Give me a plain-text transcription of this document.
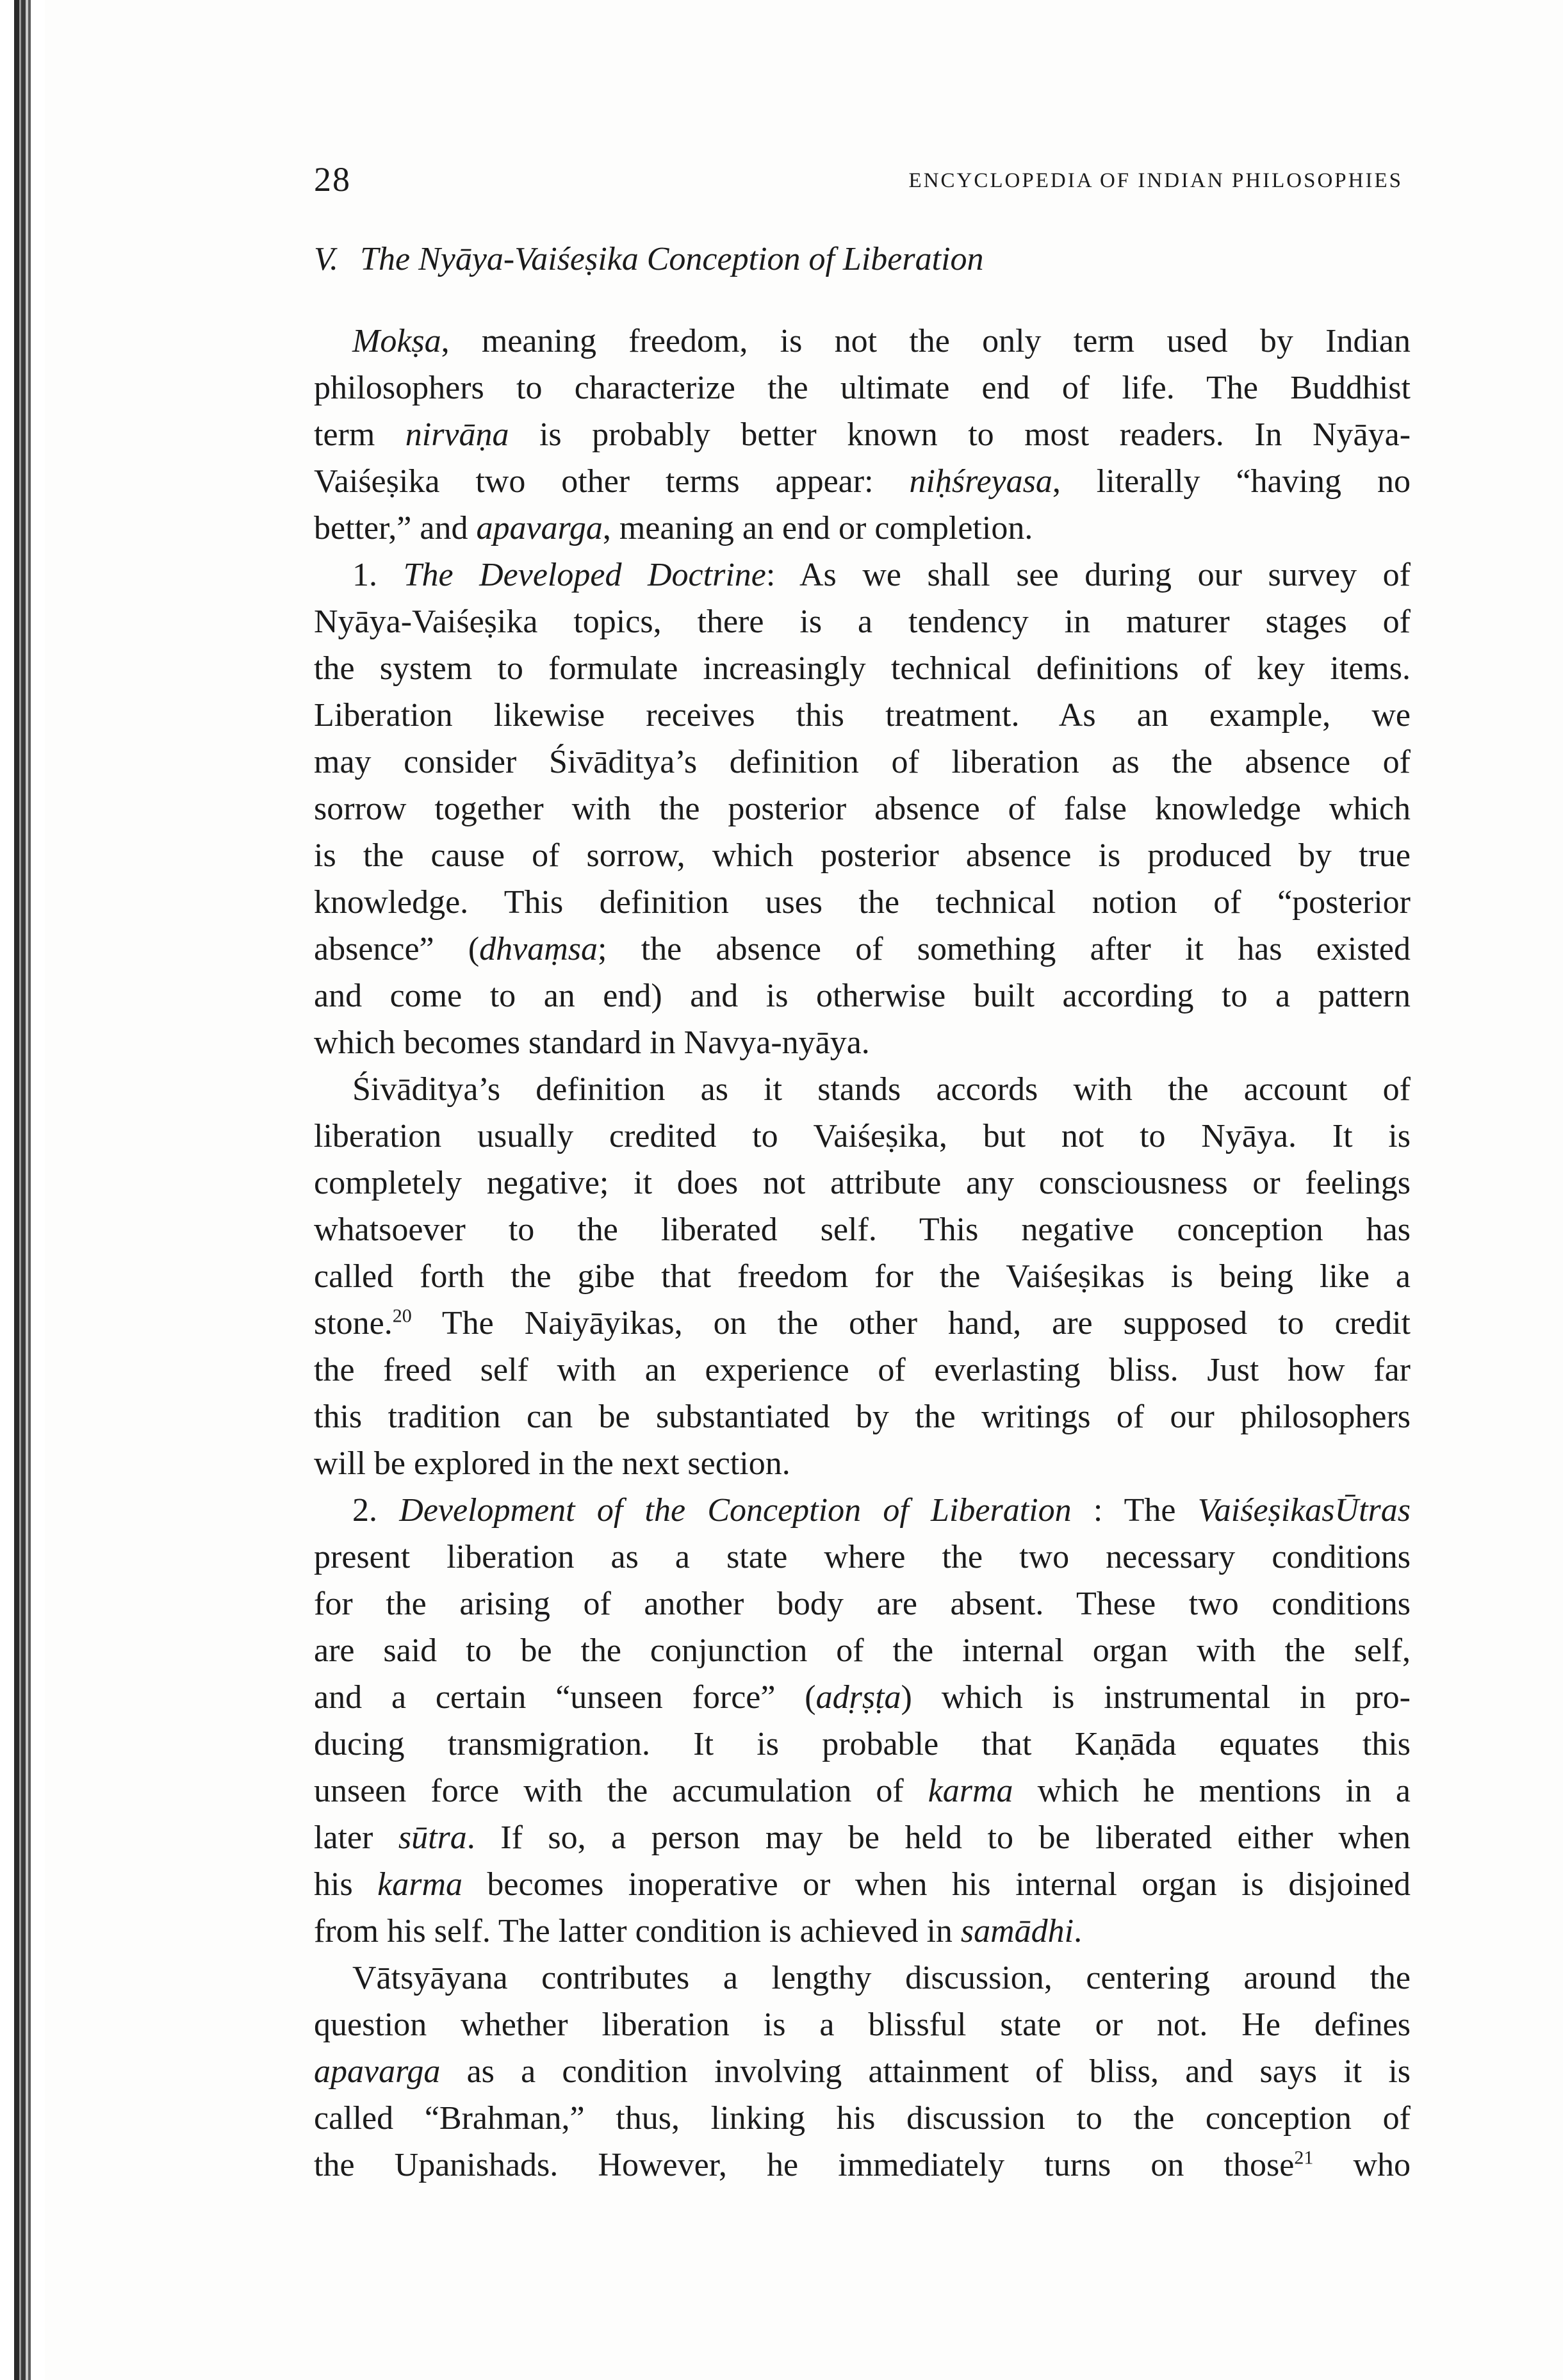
28	ENCYCLOPEDIA OF INDIAN PHILOSOPHIES
V. The Nyāya-Vaiśeṣika Conception of Liberation
Mokṣa, meaning freedom, is not the only term used by Indian
philosophers to characterize the ultimate end of life. The Buddhist
term nirvāṇa is probably better known to most readers. In Nyāya-
Vaiśeṣika two other terms appear: niḥśreyasa, literally “having no
better,” and apavarga, meaning an end or completion.
1. The Developed Doctrine: As we shall see during our survey of
Nyāya-Vaiśeṣika topics, there is a tendency in maturer stages of
the system to formulate increasingly technical definitions of key items.
Liberation likewise receives this treatment. As an example, we
may consider Śivāditya’s definition of liberation as the absence of
sorrow together with the posterior absence of false knowledge which
is the cause of sorrow, which posterior absence is produced by true
knowledge. This definition uses the technical notion of “posterior
absence” (dhvaṃsa; the absence of something after it has existed
and come to an end) and is otherwise built according to a pattern
which becomes standard in Navya-nyāya.
Śivāditya’s definition as it stands accords with the account of
liberation usually credited to Vaiśeṣika, but not to Nyāya. It is
completely negative; it does not attribute any consciousness or feelings
whatsoever to the liberated self. This negative conception has
called forth the gibe that freedom for the Vaiśeṣikas is being like a
stone.$^{20}$ The Naiyāyikas, on the other hand, are supposed to credit
the freed self with an experience of everlasting bliss. Just how far
this tradition can be substantiated by the writings of our philosophers
will be explored in the next section.
2. Development of the Conception of Liberation : The VaiśeṣikasŪtras
present liberation as a state where the two necessary conditions
for the arising of another body are absent. These two conditions
are said to be the conjunction of the internal organ with the self,
and a certain “unseen force” (adṛṣṭa) which is instrumental in pro-
ducing transmigration. It is probable that Kaṇāda equates this
unseen force with the accumulation of karma which he mentions in a
later sūtra. If so, a person may be held to be liberated either when
his karma becomes inoperative or when his internal organ is disjoined
from his self. The latter condition is achieved in samādhi.
Vātsyāyana contributes a lengthy discussion, centering around the
question whether liberation is a blissful state or not. He defines
apavarga as a condition involving attainment of bliss, and says it is
called “Brahman,” thus, linking his discussion to the conception of
the Upanishads. However, he immediately turns on those$^{21}$ who
